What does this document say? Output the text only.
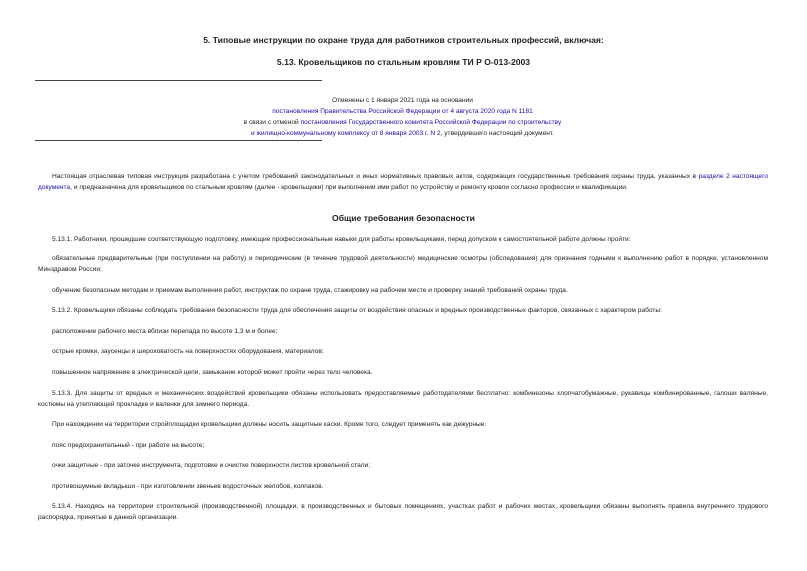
5. Типовые инструкции по охране труда для работников строительных профессий, включая:
5.13. Кровельщиков по стальным кровлям ТИ Р О-013-2003
Отменены с 1 января 2021 года на основании
постановления Правительства Российской Федерации от 4 августа 2020 года N 1181
в связи с отменой постановления Государственного комитета Российской Федерации по строительству
и жилищно-коммунальному комплексу от 8 января 2003 г. N 2, утвердившего настоящий документ.
Настоящая отраслевая типовая инструкция разработана с учетом требований законодательных и иных нормативных правовых актов, содержащих государственные требования охраны труда, указанных в разделе 2 настоящего документа, и предназначена для кровельщиков по стальным кровлям (далее - кровельщики) при выполнении ими работ по устройству и ремонту кровли согласно профессии и квалификации.
Общие требования безопасности
5.13.1. Работники, прошедшие соответствующую подготовку, имеющие профессиональные навыки для работы кровельщиками, перед допуском к самостоятельной работе должны пройти:
обязательные предварительные (при поступлении на работу) и периодические (в течение трудовой деятельности) медицинские осмотры (обследования) для признания годными к выполнению работ в порядке, установленном Минздравом России;
обучение безопасным методам и приемам выполнения работ, инструктаж по охране труда, стажировку на рабочем месте и проверку знаний требований охраны труда.
5.13.2. Кровельщики обязаны соблюдать требования безопасности труда для обеспечения защиты от воздействия опасных и вредных производственных факторов, связанных с характером работы:
расположение рабочего места вблизи перепада по высоте 1,3 м и более;
острые кромки, заусенцы и шероховатость на поверхностях оборудования, материалов;
повышенное напряжение в электрической цепи, замыкание которой может пройти через тело человека.
5.13.3. Для защиты от вредных и механических воздействий кровельщики обязаны использовать предоставляемые работодателями бесплатно: комбинезоны хлопчатобумажные, рукавицы комбинированные, галоши валяные, костюмы на утепляющей прокладке и валенки для зимнего периода.
При нахождении на территории стройплощадки кровельщики должны носить защитные каски. Кроме того, следует применять как дежурные:
пояс предохранительный - при работе на высоте;
очки защитные - при заточке инструмента, подготовке и очистке поверхности листов кровельной стали;
противошумные вкладыши - при изготовлении звеньев водосточных желобов, колпаков.
5.13.4. Находясь на территории строительной (производственной) площадки, в производственных и бытовых помещениях, участках работ и рабочих местах, кровельщики обязаны выполнять правила внутреннего трудового распорядка, принятые в данной организации.
